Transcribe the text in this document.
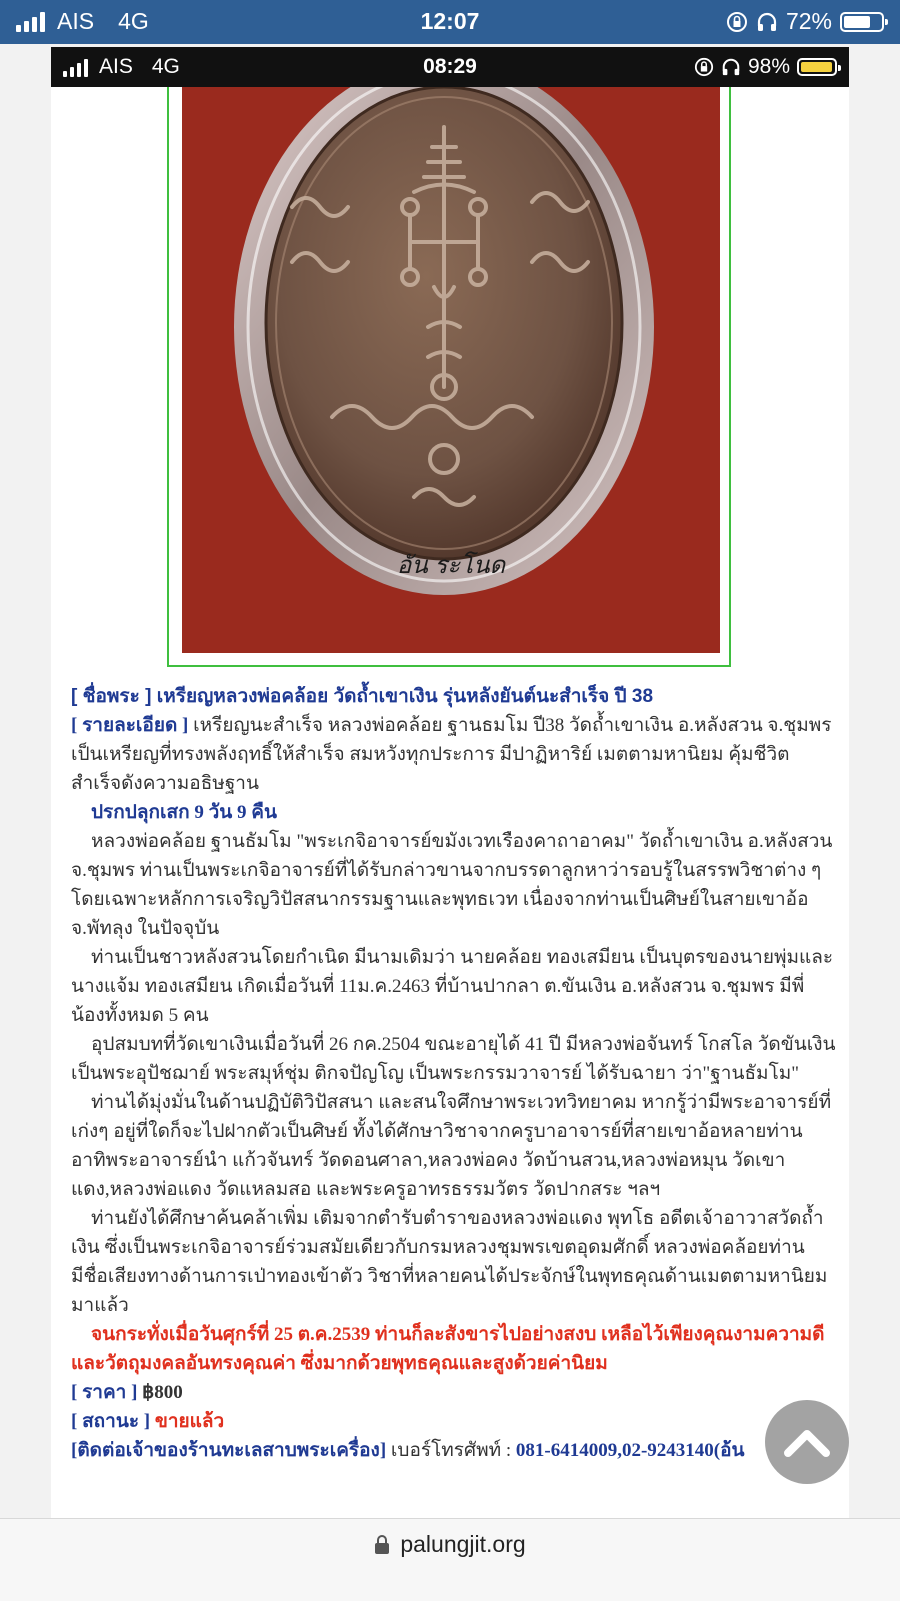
AIS 4G	12:07	72%
AIS 4G	08:29	98%
อัน ระโนด

[ ชื่อพระ ] เหรียญหลวงพ่อคล้อย วัดถ้ำเขาเงิน รุ่นหลังยันต์นะสำเร็จ ปี 38

[ รายละเอียด ] เหรียญนะสำเร็จ หลวงพ่อคล้อย ฐานธมโม ปี38 วัดถ้ำเขาเงิน อ.หลังสวน จ.ชุมพร เป็นเหรียญที่ทรงพลังฤทธิ์ให้สำเร็จ สมหวังทุกประการ มีปาฏิหาริย์ เมตตามหานิยม คุ้มชีวิต สำเร็จดังความอธิษฐาน

ปรกปลุกเสก 9 วัน 9 คืน

หลวงพ่อคล้อย ฐานธัมโม "พระเกจิอาจารย์ขมังเวทเรืองคาถาอาคม" วัดถ้ำเขาเงิน อ.หลังสวน จ.ชุมพร ท่านเป็นพระเกจิอาจารย์ที่ได้รับกล่าวขานจากบรรดาลูกหาว่ารอบรู้ในสรรพวิชาต่าง ๆ โดยเฉพาะหลักการเจริญวิปัสสนากรรมฐานและพุทธเวท เนื่องจากท่านเป็นศิษย์ในสายเขาอ้อ จ.พัทลุง ในปัจจุบัน

ท่านเป็นชาวหลังสวนโดยกำเนิด มีนามเดิมว่า นายคล้อย ทองเสมียน เป็นบุตรของนายพุ่มและนางแจ้ม ทองเสมียน เกิดเมื่อวันที่ 11ม.ค.2463 ที่บ้านปากลา ต.ขันเงิน อ.หลังสวน จ.ชุมพร มีพี่น้องทั้งหมด 5 คน

อุปสมบทที่วัดเขาเงินเมื่อวันที่ 26 กค.2504 ขณะอายุได้ 41 ปี มีหลวงพ่อจันทร์ โกสโล วัดขันเงิน เป็นพระอุปัชฌาย์ พระสมุห์ชุ่ม ติกจปัญโญ เป็นพระกรรมวาจารย์ ได้รับฉายา ว่า"ฐานธัมโม"

ท่านได้มุ่งมั่นในด้านปฏิบัติวิปัสสนา และสนใจศึกษาพระเวทวิทยาคม หากรู้ว่ามีพระอาจารย์ที่เก่งๆ อยู่ที่ใดก็จะไปฝากตัวเป็นศิษย์ ทั้งได้ศักษาวิชาจากครูบาอาจารย์ที่สายเขาอ้อหลายท่าน อาทิพระอาจารย์นำ แก้วจันทร์ วัดดอนศาลา,หลวงพ่อคง วัดบ้านสวน,หลวงพ่อหมุน วัดเขาแดง,หลวงพ่อแดง วัดแหลมสอ และพระครูอาทรธรรมวัตร วัดปากสระ ฯลฯ

ท่านยังได้ศึกษาค้นคล้าเพิ่ม เติมจากตำรับตำราของหลวงพ่อแดง พุทโธ อดีตเจ้าอาวาสวัดถ้ำเงิน ซึ่งเป็นพระเกจิอาจารย์ร่วมสมัยเดียวกับกรมหลวงชุมพรเขตอุดมศักดิ์ หลวงพ่อคล้อยท่านมีชื่อเสียงทางด้านการเป่าทองเข้าตัว วิชาที่หลายคนได้ประจักษ์ในพุทธคุณด้านเมตตามหานิยมมาแล้ว

จนกระทั่งเมื่อวันศุกร์ที่ 25 ต.ค.2539 ท่านก็ละสังขารไปอย่างสงบ เหลือไว้เพียงคุณงามความดี และวัตถุมงคลอันทรงคุณค่า ซึ่งมากด้วยพุทธคุณและสูงด้วยค่านิยม

[ ราคา ] ฿800

[ สถานะ ] ขายแล้ว

[ติดต่อเจ้าของร้านทะเลสาบพระเครื่อง] เบอร์โทรศัพท์ : 081-6414009,02-9243140(อ้น

palungjit.org
